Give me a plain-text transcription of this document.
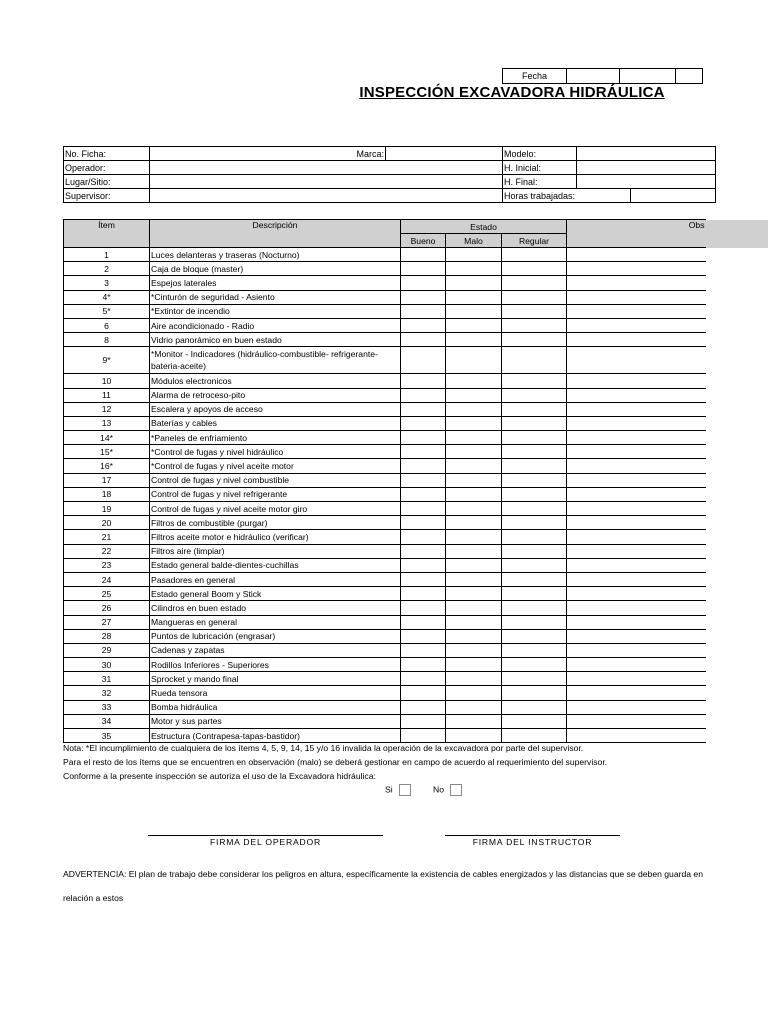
Fecha			
INSPECCIÓN EXCAVADORA HIDRÁULICA
No. Ficha:	Marca:		Modelo:		
Operador:			H. Inicial:		
Lugar/Sitio:			H. Final:		
Supervisor:			Horas trabajadas:		
Ítem	Descripción	Estado			Obs
		Bueno	Malo	Regular	
1	Luces delanteras y traseras (Nocturno)				
2	Caja de bloque (master)				
3	Espejos laterales				
4*	*Cinturón de seguridad - Asiento				
5*	*Extintor de incendio				
6	Aire acondicionado - Radio				
8	Vidrio panorámico en buen estado				
9*	*Monitor - Indicadores (hidráulico-combustible- refrigerante-bateria-aceite)				
10	Módulos electronicos				
11	Alarma de retroceso-pito				
12	Escalera y apoyos de acceso				
13	Baterías y cables				
14*	*Paneles de enfriamiento				
15*	*Control de fugas y nivel hidráulico				
16*	*Control de fugas y nivel aceite motor				
17	Control de fugas y nivel combustible				
18	Control de fugas y nivel refrigerante				
19	Control de fugas y nivel aceite motor giro				
20	Filtros de combustible (purgar)				
21	Filtros aceite motor e hidráulico (verificar)				
22	Filtros aire (limpiar)				
23	Estado general balde-dientes-cuchillas				
24	Pasadores en general				
25	Estado general Boom y Stick				
26	Cilindros en buen estado				
27	Mangueras en general				
28	Puntos de lubricación (engrasar)				
29	Cadenas y zapatas				
30	Rodillos Inferiores - Superiores				
31	Sprocket y mando final				
32	Rueda tensora				
33	Bomba hidráulica				
34	Motor y sus partes				
35	Estructura (Contrapesa-tapas-bastidor)				
Nota: *El incumplimiento de cualquiera de los ítems 4, 5, 9, 14, 15 y/o 16 invalida la operación de la excavadora por parte del supervisor.
Para el resto de los ítems que se encuentren en observación (malo) se deberá gestionar en campo de acuerdo al requerimiento del supervisor.
Conforme a la presente inspección se autoriza el uso de la Excavadora hidráulica:
Si	No
FIRMA DEL OPERADOR	FIRMA DEL INSTRUCTOR
ADVERTENCIA: El plan de trabajo debe considerar los peligros en altura, específicamente la existencia de cables energizados y las distancias que se deben guarda en relación a estos
